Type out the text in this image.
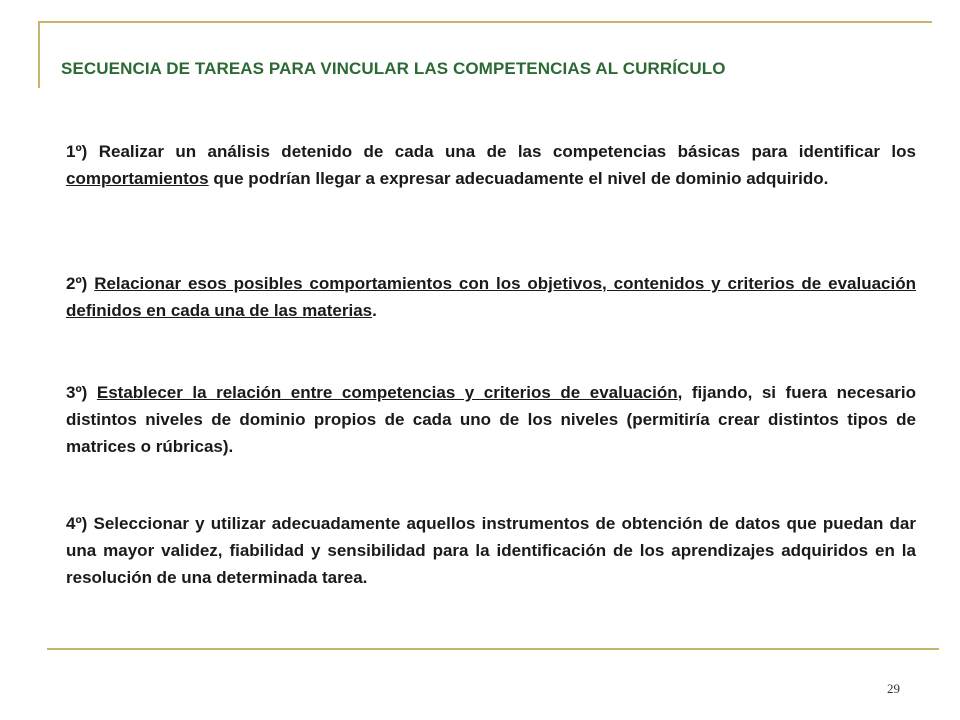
SECUENCIA DE TAREAS PARA VINCULAR LAS COMPETENCIAS AL CURRÍCULO

1º) Realizar un análisis detenido de cada una de las competencias básicas para identificar los comportamientos que podrían llegar a expresar adecuadamente el nivel de dominio adquirido.

2º) Relacionar esos posibles comportamientos con los objetivos, contenidos y criterios de evaluación definidos en cada una de las materias.

3º) Establecer la relación entre competencias y criterios de evaluación, fijando, si fuera necesario distintos niveles de dominio propios de cada uno de los niveles (permitiría crear distintos tipos de matrices o rúbricas).

4º) Seleccionar y utilizar adecuadamente aquellos instrumentos de obtención de datos que puedan dar una mayor validez, fiabilidad y sensibilidad para la identificación de los aprendizajes adquiridos en la resolución de una determinada tarea.

29
